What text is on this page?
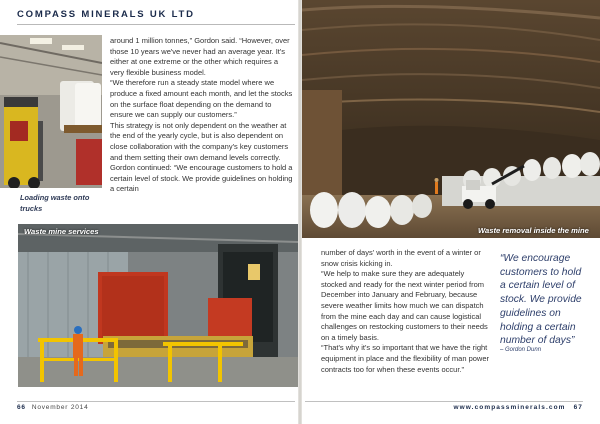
COMPASS MINERALS UK LTD
Loading waste onto trucks

around 1 million tonnes,” Gordon said. “However, over those 10 years we've never had an average year. It's either at one extreme or the other which requires a very flexible business model.

“We therefore run a steady state model where we produce a fixed amount each month, and let the stocks on the surface float depending on the demand to ensure we can supply our customers.”

This strategy is not only dependent on the weather at the end of the yearly cycle, but is also dependent on close collaboration with the company's key customers and them setting their own demand levels correctly.

Gordon continued: “We encourage customers to hold a certain level of stock. We provide guidelines on holding a certain

Waste mine services
66 November 2014
Waste removal inside the mine

number of days' worth in the event of a winter or snow crisis kicking in.

“We help to make sure they are adequately stocked and ready for the next winter period from December into January and February, because severe weather limits how much we can dispatch from the mine each day and can cause logistical challenges on restocking customers to their needs on a timely basis.

“That's why it's so important that we have the right equipment in place and the flexibility of man power contracts too for when these events occur.”

www.compassminerals.com 67
“We encourage customers to hold a certain level of stock. We provide guidelines on holding a certain number of days”
– Gordon Dunn
